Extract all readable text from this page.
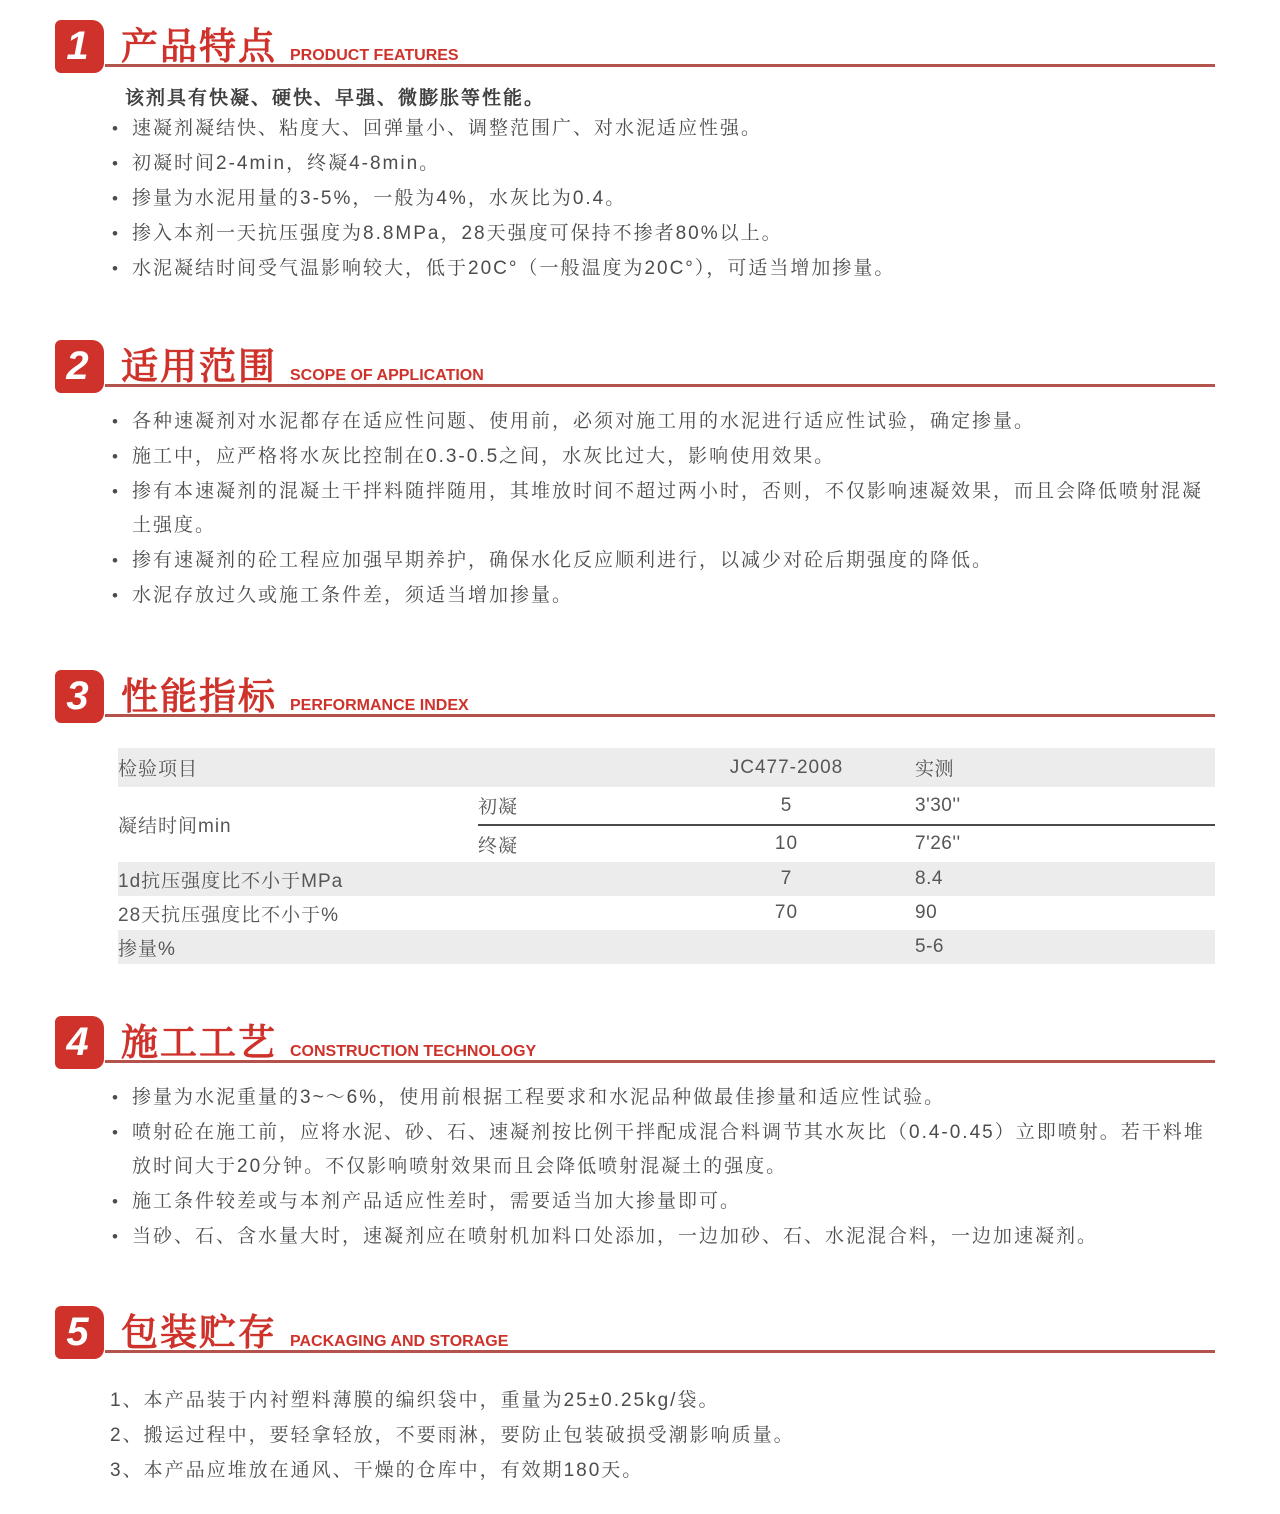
1 产品特点 PRODUCT FEATURES
该剂具有快凝、硬快、早强、微膨胀等性能。
• 速凝剂凝结快、粘度大、回弹量小、调整范围广、对水泥适应性强。
• 初凝时间2-4min，终凝4-8min。
• 掺量为水泥用量的3-5%，一般为4%，水灰比为0.4。
• 掺入本剂一天抗压强度为8.8MPa，28天强度可保持不掺者80%以上。
• 水泥凝结时间受气温影响较大，低于20C°（一般温度为20C°），可适当增加掺量。
2 适用范围 SCOPE OF APPLICATION
• 各种速凝剂对水泥都存在适应性问题、使用前，必须对施工用的水泥进行适应性试验，确定掺量。
• 施工中，应严格将水灰比控制在0.3-0.5之间，水灰比过大，影响使用效果。
• 掺有本速凝剂的混凝土干拌料随拌随用，其堆放时间不超过两小时，否则，不仅影响速凝效果，而且会降低喷射混凝土强度。
• 掺有速凝剂的砼工程应加强早期养护，确保水化反应顺利进行，以减少对砼后期强度的降低。
• 水泥存放过久或施工条件差，须适当增加掺量。
3 性能指标 PERFORMANCE INDEX
检验项目		JC477-2008	实测
凝结时间min	初凝	5	3'30''
	终凝	10	7'26''
1d抗压强度比不小于MPa		7	8.4
28天抗压强度比不小于%		70	90
掺量%			5-6
4 施工工艺 CONSTRUCTION TECHNOLOGY
• 掺量为水泥重量的3~～6%，使用前根据工程要求和水泥品种做最佳掺量和适应性试验。
• 喷射砼在施工前，应将水泥、砂、石、速凝剂按比例干拌配成混合料调节其水灰比（0.4-0.45）立即喷射。若干料堆放时间大于20分钟。不仅影响喷射效果而且会降低喷射混凝土的强度。
• 施工条件较差或与本剂产品适应性差时，需要适当加大掺量即可。
• 当砂、石、含水量大时，速凝剂应在喷射机加料口处添加，一边加砂、石、水泥混合料，一边加速凝剂。
5 包装贮存 PACKAGING AND STORAGE
1、本产品装于内衬塑料薄膜的编织袋中，重量为25±0.25kg/袋。
2、搬运过程中，要轻拿轻放，不要雨淋，要防止包装破损受潮影响质量。
3、本产品应堆放在通风、干燥的仓库中，有效期180天。
